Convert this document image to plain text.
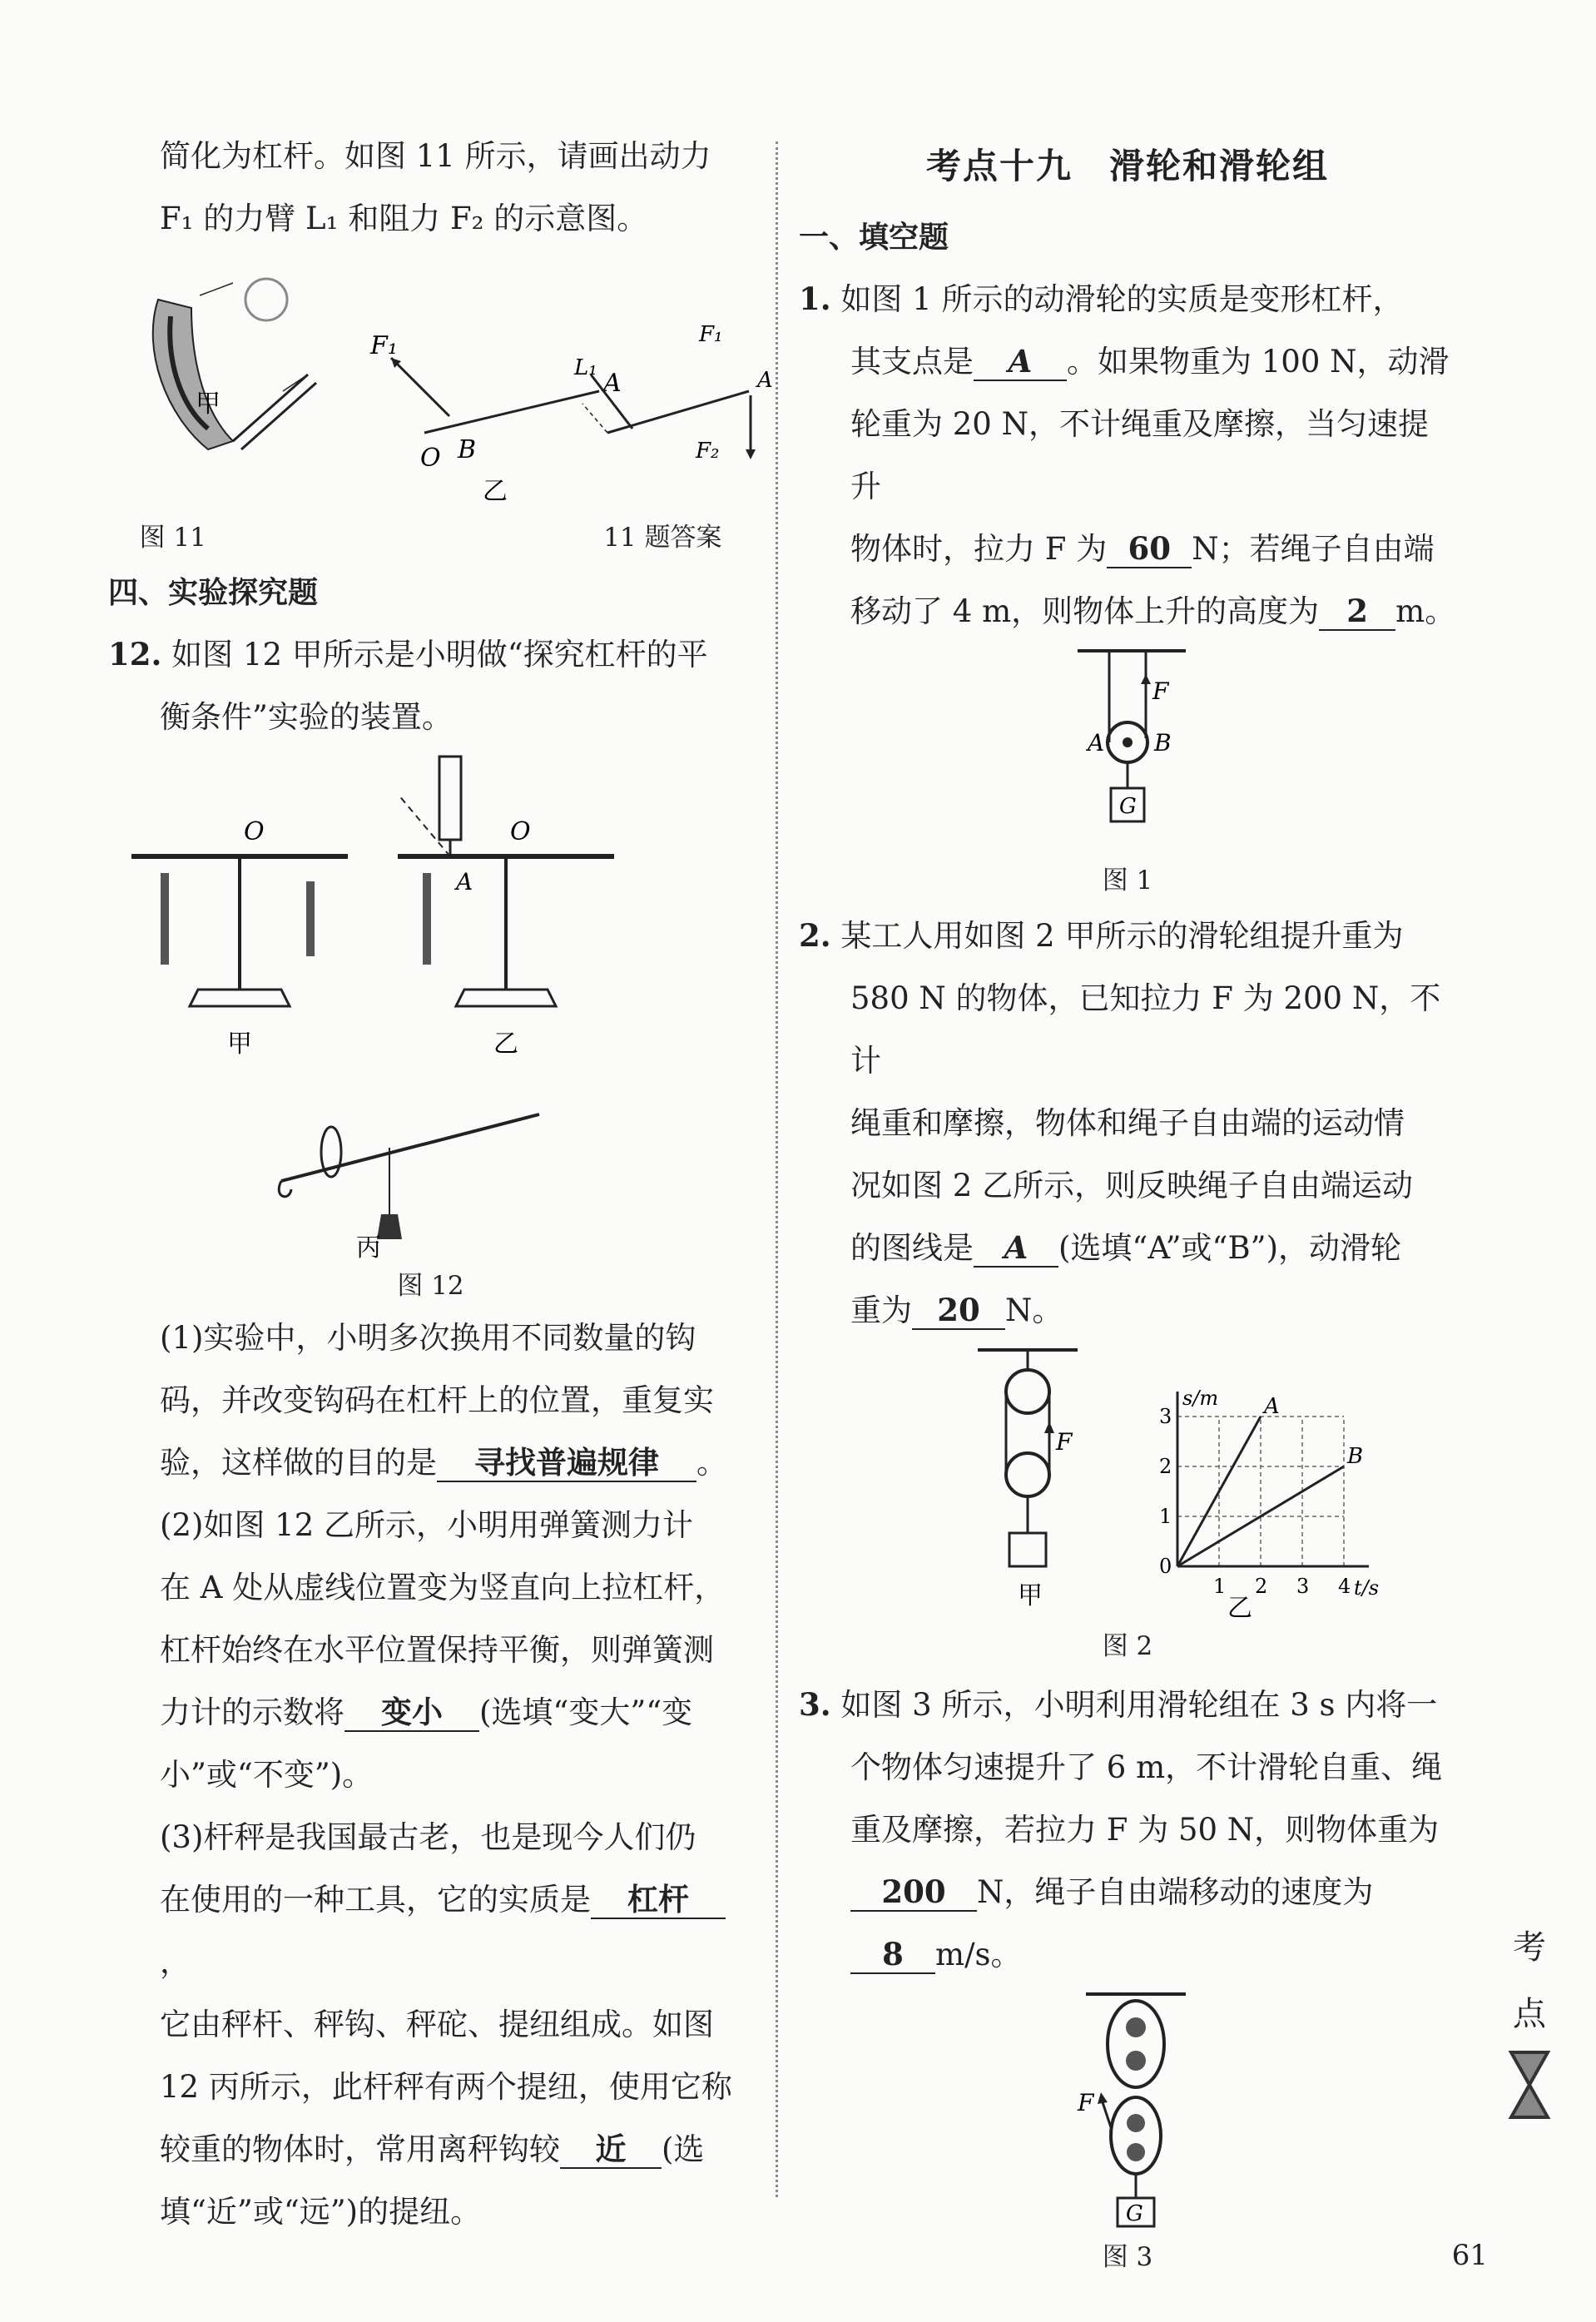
简化为杠杆。如图 11 所示，请画出动力

F₁ 的力臂 L₁ 和阻力 F₂ 的示意图。

甲
F₁
A
O B
乙
F₁
L₁	A
F₂
图 11	11 题答案

四、实验探究题

12. 如图 12 甲所示是小明做“探究杠杆的平

衡条件”实验的装置。

O
甲
O
A
乙
丙
图 12

(1)实验中，小明多次换用不同数量的钩

码，并改变钩码在杠杆上的位置，重复实

验，这样做的目的是 寻找普遍规律 。

(2)如图 12 乙所示，小明用弹簧测力计

在 A 处从虚线位置变为竖直向上拉杠杆，

杠杆始终在水平位置保持平衡，则弹簧测

力计的示数将 变小 (选填“变大”“变

小”或“不变”)。

(3)杆秤是我国最古老，也是现今人们仍

在使用的一种工具，它的实质是 杠杆，

它由秤杆、秤钩、秤砣、提纽组成。如图

12 丙所示，此杆秤有两个提纽，使用它称

较重的物体时，常用离秤钩较 近 (选

填“近”或“远”)的提纽。

考点十九　滑轮和滑轮组

一、填空题

1. 如图 1 所示的动滑轮的实质是变形杠杆，

其支点是 A 。如果物重为 100 N，动滑

轮重为 20 N，不计绳重及摩擦，当匀速提升

物体时，拉力 F 为 60 N；若绳子自由端

移动了 4 m，则物体上升的高度为 2 m。

G
A B
F
图 1

2. 某工人用如图 2 甲所示的滑轮组提升重为

580 N 的物体，已知拉力 F 为 200 N，不计

绳重和摩擦，物体和绳子自由端的运动情

况如图 2 乙所示，则反映绳子自由端运动

的图线是 A (选填“A”或“B”)，动滑轮

重为 20 N。

F
甲	1 2 3 4
0
1
2
3
t/s
s/m A
B
乙
图 2

3. 如图 3 所示，小明利用滑轮组在 3 s 内将一

个物体匀速提升了 6 m，不计滑轮自重、绳

重及摩擦，若拉力 F 为 50 N，则物体重为

200 N，绳子自由端移动的速度为

8 m/s。

G
F
图 3
考
点
61
